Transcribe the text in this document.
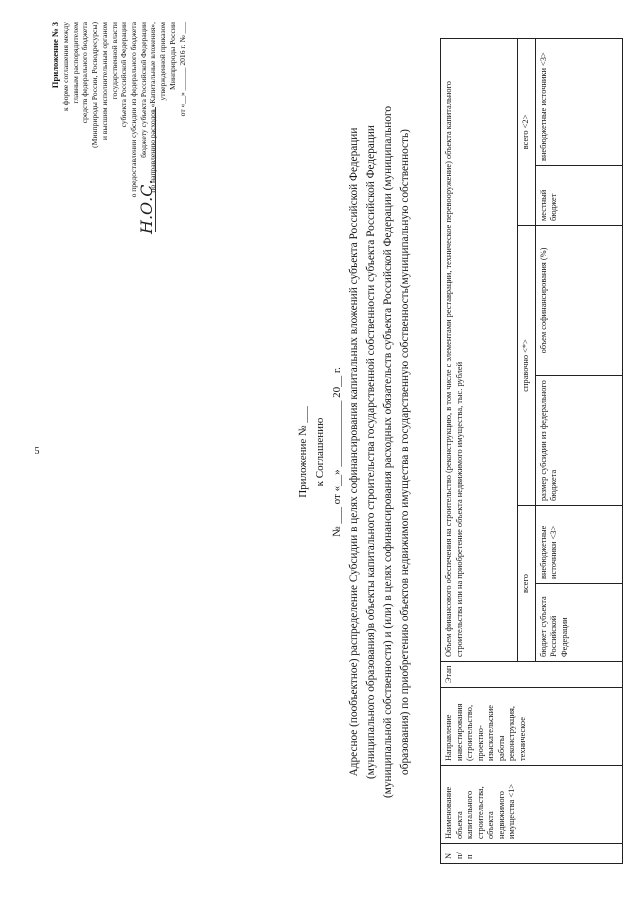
5
Приложение № 3 к форме соглашения между главным распорядителем средств федерального бюджета (Минприроды России, Росводресурсы) и высшим исполнительным органом государственной власти субъекта Российской Федерации о предоставлении субсидии из федерального бюджета бюджету субъекта Российской Федерации по направлению расходов «Капитальные вложения», утвержденной приказом Минприроды России от «__» ______ 2016 г. № ___
Н.О.С.
Приложение № ___ к Соглашению № ___ от «__» ____________ 20__ г. Адресное (пообъектное) распределение Субсидии в целях софинансирования капитальных вложений субъекта Российской Федерации (муниципального образования)в объекты капитального строительства государственной собственности субъекта Российской Федерации (муниципальной собственности) и (или) в целях софинансирования расходных обязательств субъекта Российской Федерации (муниципального образования) по приобретению объектов недвижимого имущества в государственную собственность(муниципальную собственность)
N п/п	Наименование объекта капитального строительства, объекта недвижимого имущества <1>	Направление инвестирования (строительство, проектно-изыскательские работы реконструкция, техническое	Этап	Объем финансового обеспечения на строительство (реконструкцию, в том числе с элементами реставрации, техническое перевооружение) объекта капитального строительства или на приобретение объекта недвижимого имущества, тыс. рублей					
				всего		справочно <*>		всего <2>	
				бюджет субъекта Российской Федерации	внебюджетные источники <3>	размер субсидии из федерального бюджета	объем софинансирования (%)	местный бюджет	внебюджетные источники <3>
